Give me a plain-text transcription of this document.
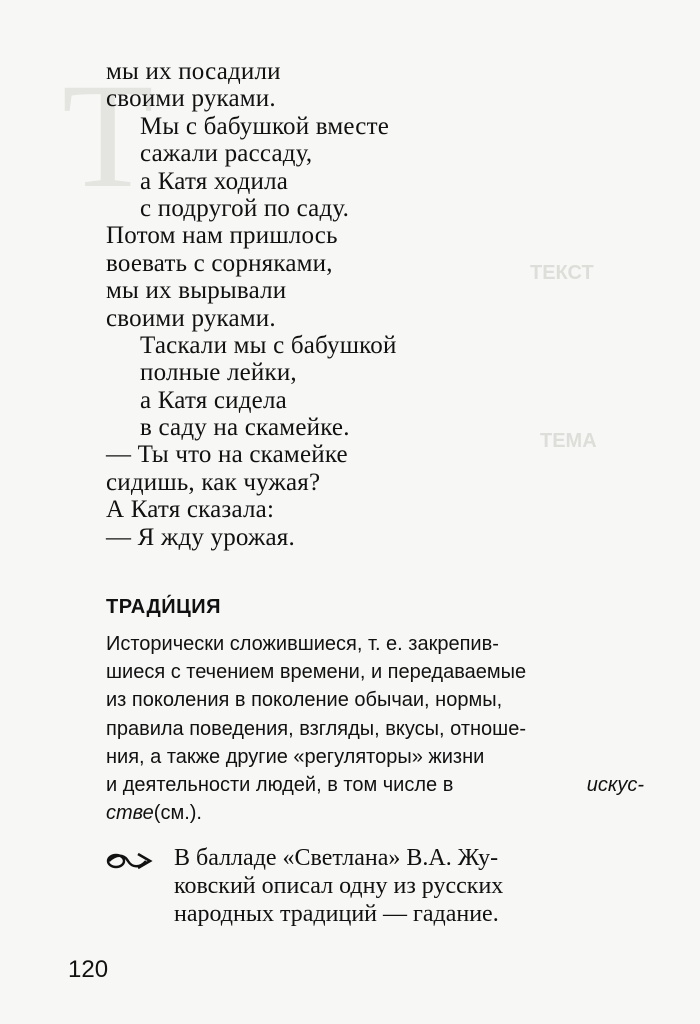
Т
ТЕКСТ
ТЕМА
мы их посадили
своими руками.
Мы с бабушкой вместе
сажали рассаду,
а Катя ходила
с подругой по саду.
Потом нам пришлось
воевать с сорняками,
мы их вырывали
своими руками.
Таскали мы с бабушкой
полные лейки,
а Катя сидела
в саду на скамейке.
— Ты что на скамейке
сидишь, как чужая?
А Катя сказала:
— Я жду урожая.
ТРАДИ́ЦИЯ
Исторически сложившиеся, т. е. закрепив-
шиеся с течением времени, и передаваемые
из поколения в поколение обычаи, нормы,
правила поведения, взгляды, вкусы, отноше-
ния, а также другие «регуляторы» жизни
и деятельности людей, в том числе в
	искус-
стве (см.).
В балладе «Светлана» В.А. Жу-
ковский описал одну из русских
народных традиций — гадание.
120
